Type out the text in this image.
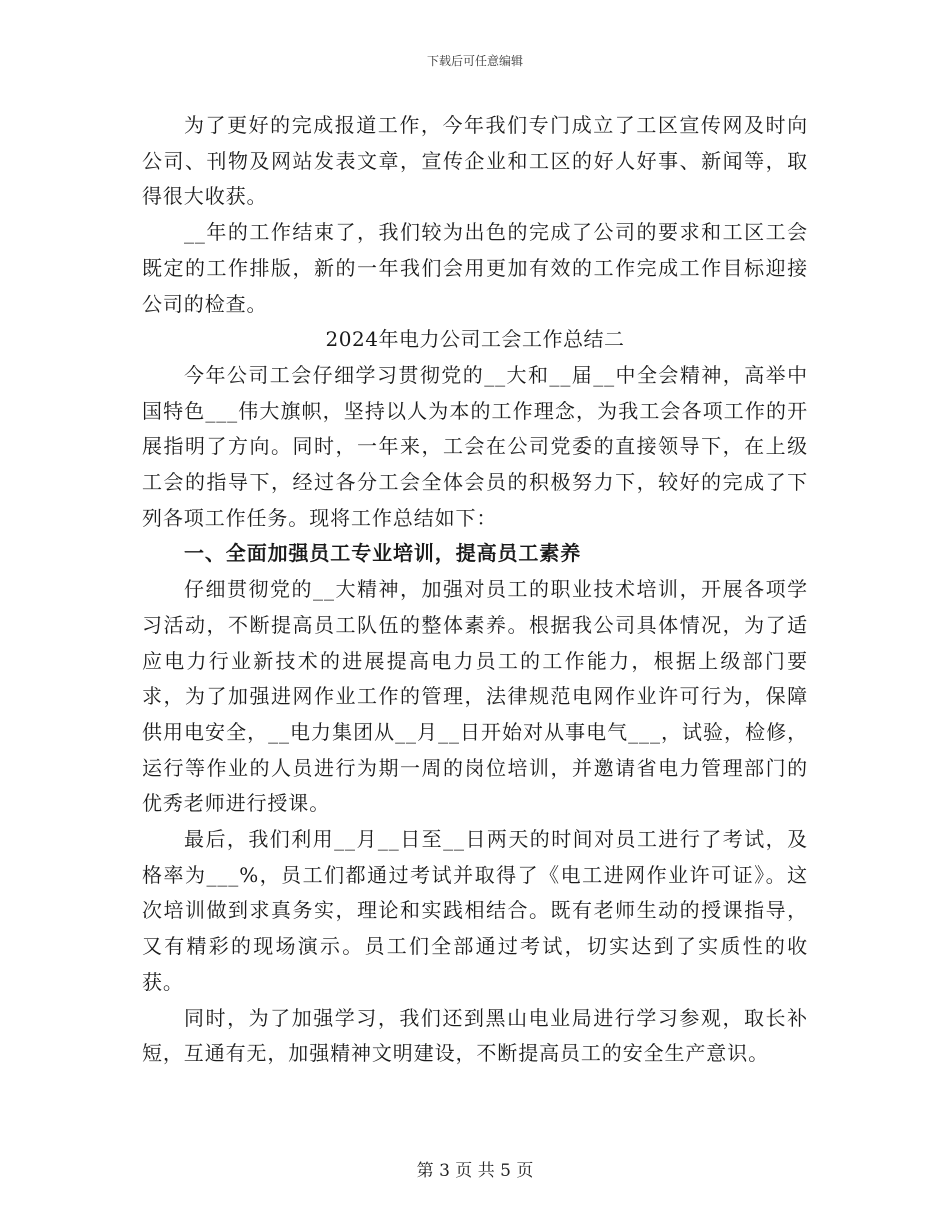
下载后可任意编辑

为了更好的完成报道工作，今年我们专门成立了工区宣传网及时向公司、刊物及网站发表文章，宣传企业和工区的好人好事、新闻等，取得很大收获。

__年的工作结束了，我们较为出色的完成了公司的要求和工区工会既定的工作排版，新的一年我们会用更加有效的工作完成工作目标迎接公司的检查。

2024年电力公司工会工作总结二

今年公司工会仔细学习贯彻党的__大和__届__中全会精神，高举中国特色___伟大旗帜，坚持以人为本的工作理念，为我工会各项工作的开展指明了方向。同时，一年来，工会在公司党委的直接领导下，在上级工会的指导下，经过各分工会全体会员的积极努力下，较好的完成了下列各项工作任务。现将工作总结如下：

一、全面加强员工专业培训，提高员工素养

仔细贯彻党的__大精神，加强对员工的职业技术培训，开展各项学习活动，不断提高员工队伍的整体素养。根据我公司具体情况，为了适应电力行业新技术的进展提高电力员工的工作能力，根据上级部门要求，为了加强进网作业工作的管理，法律规范电网作业许可行为，保障供用电安全，__电力集团从__月__日开始对从事电气___，试验，检修，运行等作业的人员进行为期一周的岗位培训，并邀请省电力管理部门的优秀老师进行授课。

最后，我们利用__月__日至__日两天的时间对员工进行了考试，及格率为___%，员工们都通过考试并取得了《电工进网作业许可证》。这次培训做到求真务实，理论和实践相结合。既有老师生动的授课指导，又有精彩的现场演示。员工们全部通过考试，切实达到了实质性的收获。

同时，为了加强学习，我们还到黑山电业局进行学习参观，取长补短，互通有无，加强精神文明建设，不断提高员工的安全生产意识。

第 3 页 共 5 页
